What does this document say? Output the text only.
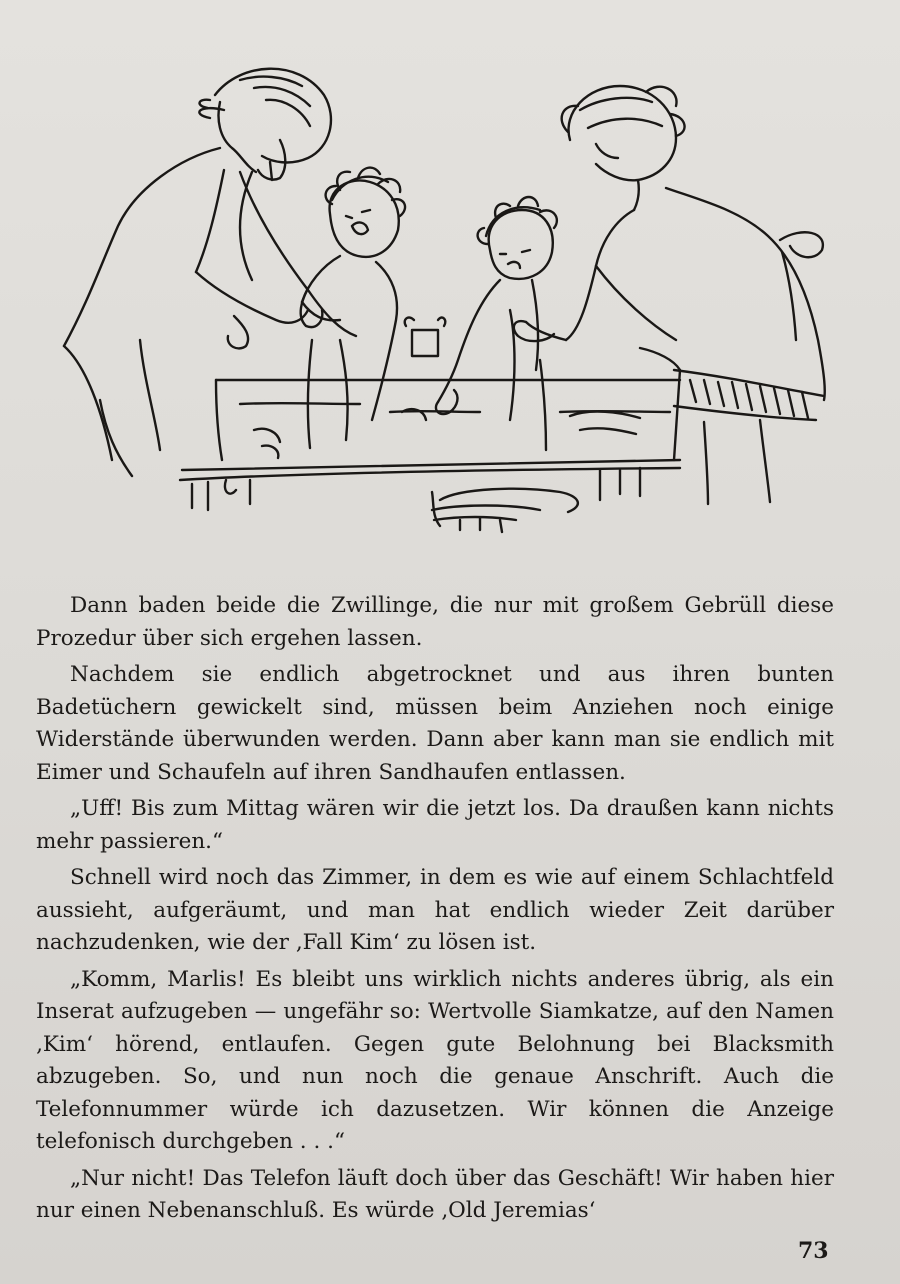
Dann baden beide die Zwillinge, die nur mit großem Gebrüll diese Prozedur über sich ergehen lassen.

Nachdem sie endlich abgetrocknet und aus ihren bunten Badetüchern gewickelt sind, müssen beim Anziehen noch einige Widerstände überwunden werden. Dann aber kann man sie endlich mit Eimer und Schaufeln auf ihren Sandhaufen entlassen.

„Uff! Bis zum Mittag wären wir die jetzt los. Da draußen kann nichts mehr passieren.“

Schnell wird noch das Zimmer, in dem es wie auf einem Schlachtfeld aussieht, aufgeräumt, und man hat endlich wieder Zeit darüber nachzudenken, wie der ‚Fall Kim‘ zu lösen ist.

„Komm, Marlis! Es bleibt uns wirklich nichts anderes übrig, als ein Inserat aufzugeben — ungefähr so: Wertvolle Siamkatze, auf den Namen ‚Kim‘ hörend, entlaufen. Gegen gute Belohnung bei Blacksmith abzugeben. So, und nun noch die genaue Anschrift. Auch die Telefonnummer würde ich dazusetzen. Wir können die Anzeige telefonisch durchgeben . . .“

„Nur nicht! Das Telefon läuft doch über das Geschäft! Wir haben hier nur einen Nebenanschluß. Es würde ‚Old Jeremias‘

73
